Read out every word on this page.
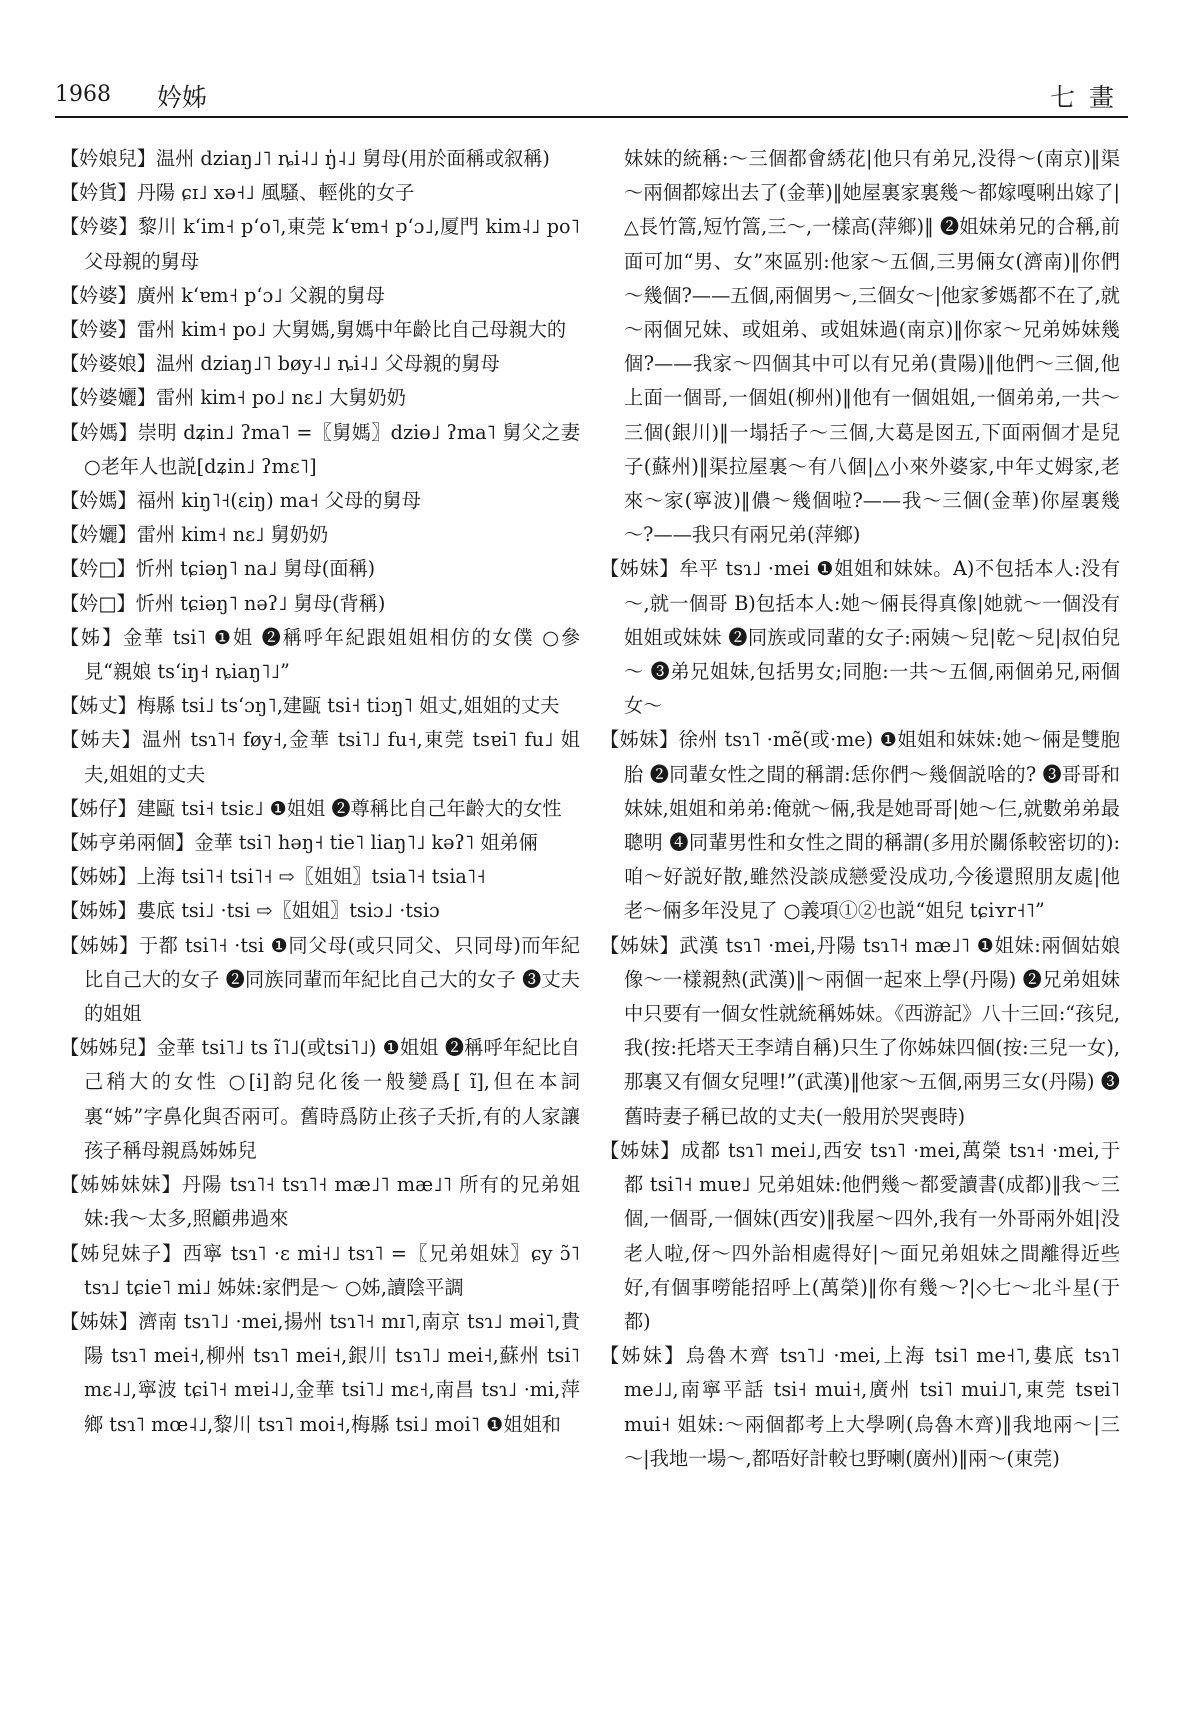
1968 妗姊	七畫
【妗娘兒】温州 dziaŋ˩˥ ȵi˨˩ ŋ̍˨˩ 舅母(用於面稱或叙稱)
【妗貨】丹陽 ɕɪ˩ xə˧˩ 風騷、輕佻的女子
【妗婆】黎川 kʻim˧ pʻo˥,東莞 kʻɐm˧ pʻɔ˩,厦門 kim˨˩ po˥ 父母親的舅母
【妗婆】廣州 kʻɐm˧ pʻɔ˩ 父親的舅母
【妗婆】雷州 kim˧ po˩ 大舅媽,舅媽中年齡比自己母親大的
【妗婆娘】温州 dziaŋ˩˥ bøy˨˩ ȵi˨˩ 父母親的舅母
【妗婆孋】雷州 kim˧ po˩ nɛ˩ 大舅奶奶
【妗媽】崇明 dʑin˩ ʔma˥ =〖舅媽〗dziɵ˩ ʔma˥ 舅父之妻 ○老年人也説[dʑin˩ ʔmɛ˥]
【妗媽】福州 kiŋ˥˧(ɛiŋ) ma˧ 父母的舅母
【妗孋】雷州 kim˧ nɛ˩ 舅奶奶
【妗□】忻州 tɕiəŋ˥ na˩ 舅母(面稱)
【妗□】忻州 tɕiəŋ˥ nəʔ˩ 舅母(背稱)
【姊】金華 tsi˥ ❶姐 ❷稱呼年紀跟姐姐相仿的女僕 ○參見“親娘 tsʻiŋ˧ ȵiaŋ˥˩”
【姊丈】梅縣 tsi˩ tsʻɔŋ˥,建甌 tsi˧ tiɔŋ˥ 姐丈,姐姐的丈夫
【姊夫】温州 tsɿ˥˧ føy˧,金華 tsi˥˩ fu˧,東莞 tsɐi˥ fu˩ 姐夫,姐姐的丈夫
【姊仔】建甌 tsi˧ tsiɛ˩ ❶姐姐 ❷尊稱比自己年齡大的女性
【姊亨弟兩個】金華 tsi˥ həŋ˧ tie˥ liaŋ˥˩ kəʔ˥ 姐弟倆
【姊姊】上海 tsi˥˧ tsi˥˧ ⇨〖姐姐〗tsia˥˧ tsia˥˧
【姊姊】婁底 tsi˩ ·tsi ⇨〖姐姐〗tsiɔ˩ ·tsiɔ
【姊姊】于都 tsi˥˧ ·tsi ❶同父母(或只同父、只同母)而年紀比自己大的女子 ❷同族同輩而年紀比自己大的女子 ❸丈夫的姐姐
【姊姊兒】金華 tsi˥˩ ts ĩ˥˩(或tsi˥˩) ❶姐姐 ❷稱呼年紀比自己稍大的女性 ○[i]韵兒化後一般變爲[ ĩ],但在本詞裏“姊”字鼻化與否兩可。舊時爲防止孩子夭折,有的人家讓孩子稱母親爲姊姊兒
【姊姊妹妹】丹陽 tsɿ˥˧ tsɿ˥˧ mæ˩˥ mæ˩˥ 所有的兄弟姐妹:我～太多,照顧弗過來
【姊兒妹子】西寧 tsɿ˥ ·ɛ mi˧˩ tsɿ˥ =〖兄弟姐妹〗ɕy ɔ̃˥ tsɿ˩ tɕie˥ mi˩ 姊妹:家們是～ ○姊,讀陰平調
【姊妹】濟南 tsɿ˥˩ ·mei,揚州 tsɿ˥˧ mɪ˥,南京 tsɿ˩ məi˥,貴陽 tsɿ˥ mei˧,柳州 tsɿ˥ mei˧,銀川 tsɿ˥˩ mei˧,蘇州 tsi˥ mɛ˨˩,寧波 tɕi˥˧ mɐi˨˩,金華 tsi˥˩ mɛ˧,南昌 tsɿ˩ ·mi,萍鄉 tsɿ˥ mœ˨˩,黎川 tsɿ˥ moi˧,梅縣 tsi˩ moi˥ ❶姐姐和
妹妹的統稱:～三個都會綉花|他只有弟兄,没得～(南京)‖渠～兩個都嫁出去了(金華)‖她屋裏家裏幾～都嫁嘎唎出嫁了|△長竹篙,短竹篙,三～,一樣高(萍鄉)‖ ❷姐妹弟兄的合稱,前面可加“男、女”來區别:他家～五個,三男倆女(濟南)‖你們～幾個?——五個,兩個男～,三個女～|他家爹媽都不在了,就～兩個兄妹、或姐弟、或姐妹過(南京)‖你家～兄弟姊妹幾個?——我家～四個其中可以有兄弟(貴陽)‖他們～三個,他上面一個哥,一個姐(柳州)‖他有一個姐姐,一個弟弟,一共～三個(銀川)‖一塌括子～三個,大葛是囡五,下面兩個才是兒子(蘇州)‖渠拉屋裏～有八個|△小來外婆家,中年丈姆家,老來～家(寧波)‖儂～幾個啦?——我～三個(金華)你屋裏幾～?——我只有兩兄弟(萍鄉)
【姊妹】牟平 tsɿ˩ ·mei ❶姐姐和妹妹。A)不包括本人:没有～,就一個哥 B)包括本人:她～倆長得真像|她就～一個没有姐姐或妹妹 ❷同族或同輩的女子:兩姨～兒|乾～兒|叔伯兒～ ❸弟兄姐妹,包括男女;同胞:一共～五個,兩個弟兄,兩個女～
【姊妹】徐州 tsɿ˥ ·mẽ(或·me) ❶姐姐和妹妹:她～倆是雙胞胎 ❷同輩女性之間的稱謂:恁你們～幾個説啥的? ❸哥哥和妹妹,姐姐和弟弟:俺就～倆,我是她哥哥|她～仨,就數弟弟最聰明 ❹同輩男性和女性之間的稱謂(多用於關係較密切的):咱～好説好散,雖然没談成戀愛没成功,今後還照朋友處|他老～倆多年没見了 ○義項①②也説“姐兒 tɕiʏr˧˥”
【姊妹】武漢 tsɿ˥ ·mei,丹陽 tsɿ˥˧ mæ˩˥ ❶姐妹:兩個姑娘像～一樣親熱(武漢)‖～兩個一起來上學(丹陽) ❷兄弟姐妹中只要有一個女性就統稱姊妹。《西游記》八十三回:“孩兒,我(按:托塔天王李靖自稱)只生了你姊妹四個(按:三兒一女),那裏又有個女兒哩!”(武漢)‖他家～五個,兩男三女(丹陽) ❸舊時妻子稱已故的丈夫(一般用於哭喪時)
【姊妹】成都 tsɿ˥ mei˩,西安 tsɿ˥ ·mei,萬榮 tsɿ˧ ·mei,于都 tsi˥˧ muɐ˩ 兄弟姐妹:他們幾～都愛讀書(成都)‖我～三個,一個哥,一個妹(西安)‖我屋～四外,我有一外哥兩外姐|没老人啦,伢～四外詒相處得好|～面兄弟姐妹之間離得近些好,有個事嘮能招呼上(萬榮)‖你有幾～?|◇七～北斗星(于都)
【姊妹】烏魯木齊 tsɿ˥˩ ·mei,上海 tsi˥ me˧˥,婁底 tsɿ˥ me˩˩,南寧平話 tsi˧ mui˧,廣州 tsi˥ mui˩˥,東莞 tsɐi˥ mui˧ 姐妹:～兩個都考上大學咧(烏魯木齊)‖我地兩～|三～|我地一場～,都唔好計較乜野喇(廣州)‖兩～(東莞)
